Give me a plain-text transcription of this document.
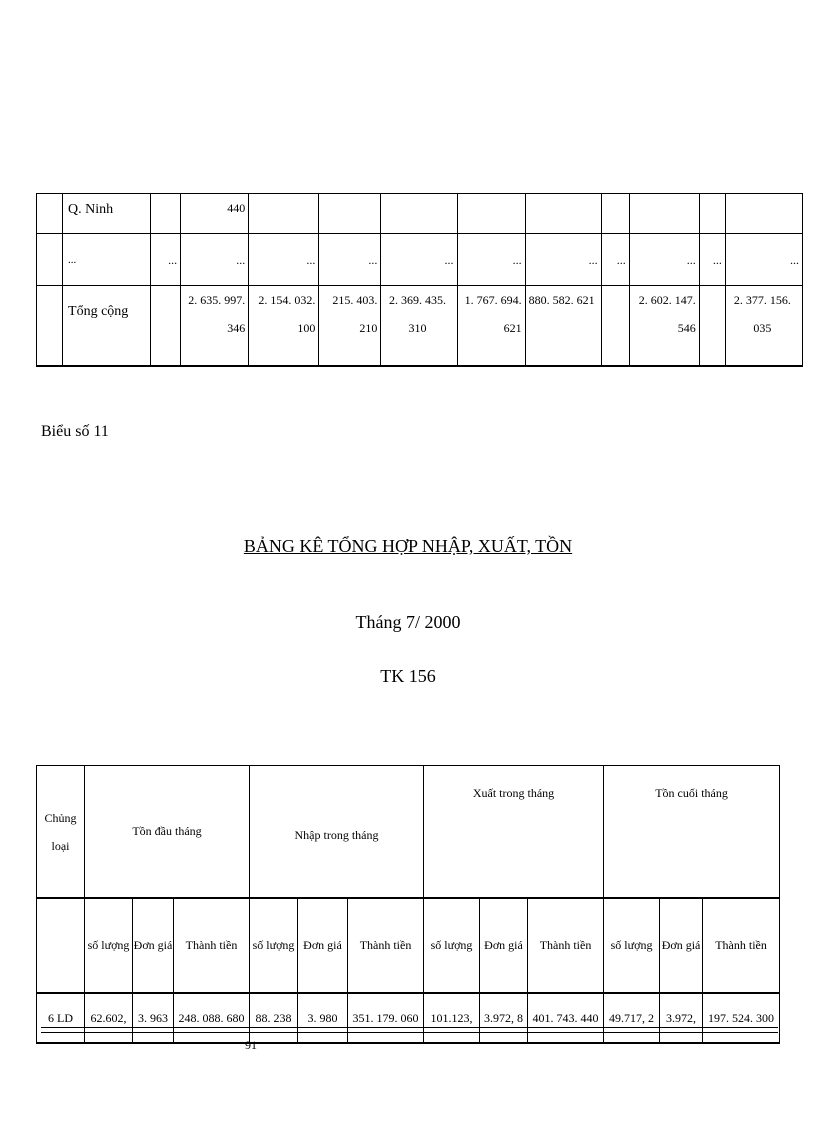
	Q. Ninh		440									
	...	...	...	...	...	...	...	...	...	...	...	...
	Tổng cộng		2. 635. 997. 346	2. 154. 032. 100	215. 403. 210	2. 369. 435. 310	1. 767. 694. 621	880. 582. 621		2. 602. 147. 546		2. 377. 156. 035
Biểu số 11
BẢNG KÊ TỔNG HỢP NHẬP, XUẤT, TỒN
Tháng 7/ 2000
TK 156
Chủng loại	Tồn đầu tháng			Nhập trong tháng			Xuất trong tháng			Tồn cuối tháng		
	số lượng	Đơn giá	Thành tiền	số lượng	Đơn giá	Thành tiền	số lượng	Đơn giá	Thành tiền	số lượng	Đơn giá	Thành tiền
6 LD	62.602,	3. 963	248. 088. 680	88. 238	3. 980	351. 179. 060	101.123,	3.972, 8	401. 743. 440	49.717, 2	3.972,	197. 524. 300
91
